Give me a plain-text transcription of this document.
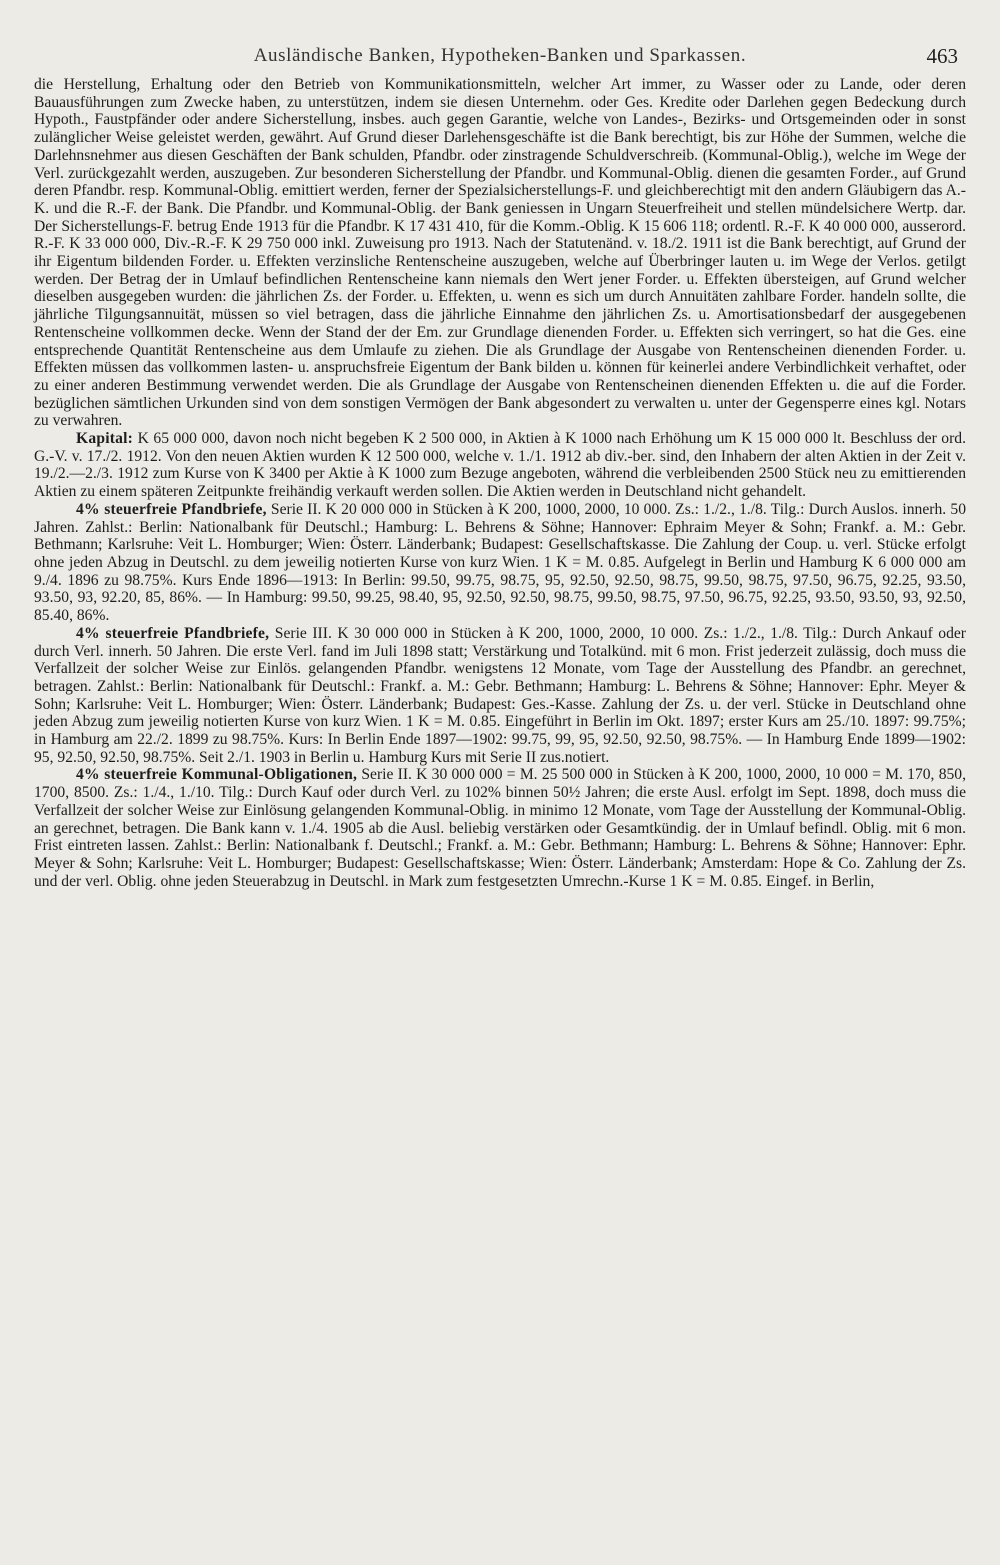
Ausländische Banken, Hypotheken-Banken und Sparkassen.	463

die Herstellung, Erhaltung oder den Betrieb von Kommunikationsmitteln, welcher Art immer, zu Wasser oder zu Lande, oder deren Bauausführungen zum Zwecke haben, zu unterstützen, indem sie diesen Unternehm. oder Ges. Kredite oder Darlehen gegen Bedeckung durch Hypoth., Faustpfänder oder andere Sicherstellung, insbes. auch gegen Garantie, welche von Landes-, Bezirks- und Ortsgemeinden oder in sonst zulänglicher Weise geleistet werden, gewährt. Auf Grund dieser Darlehensgeschäfte ist die Bank berechtigt, bis zur Höhe der Summen, welche die Darlehnsnehmer aus diesen Geschäften der Bank schulden, Pfandbr. oder zinstragende Schuldverschreib. (Kommunal-Oblig.), welche im Wege der Verl. zurückgezahlt werden, auszugeben. Zur besonderen Sicherstellung der Pfandbr. und Kommunal-Oblig. dienen die gesamten Forder., auf Grund deren Pfandbr. resp. Kommunal-Oblig. emittiert werden, ferner der Spezialsicherstellungs-F. und gleichberechtigt mit den andern Gläubigern das A.-K. und die R.-F. der Bank. Die Pfandbr. und Kommunal-Oblig. der Bank geniessen in Ungarn Steuerfreiheit und stellen mündelsichere Wertp. dar. Der Sicherstellungs-F. betrug Ende 1913 für die Pfandbr. K 17 431 410, für die Komm.-Oblig. K 15 606 118; ordentl. R.-F. K 40 000 000, ausserord. R.-F. K 33 000 000, Div.-R.-F. K 29 750 000 inkl. Zuweisung pro 1913. Nach der Statutenänd. v. 18./2. 1911 ist die Bank berechtigt, auf Grund der ihr Eigentum bildenden Forder. u. Effekten verzinsliche Rentenscheine auszugeben, welche auf Überbringer lauten u. im Wege der Verlos. getilgt werden. Der Betrag der in Umlauf befindlichen Rentenscheine kann niemals den Wert jener Forder. u. Effekten übersteigen, auf Grund welcher dieselben ausgegeben wurden: die jährlichen Zs. der Forder. u. Effekten, u. wenn es sich um durch Annuitäten zahlbare Forder. handeln sollte, die jährliche Tilgungsannuität, müssen so viel betragen, dass die jährliche Einnahme den jährlichen Zs. u. Amortisationsbedarf der ausgegebenen Rentenscheine vollkommen decke. Wenn der Stand der der Em. zur Grundlage dienenden Forder. u. Effekten sich verringert, so hat die Ges. eine entsprechende Quantität Rentenscheine aus dem Umlaufe zu ziehen. Die als Grundlage der Ausgabe von Rentenscheinen dienenden Forder. u. Effekten müssen das vollkommen lasten- u. anspruchsfreie Eigentum der Bank bilden u. können für keinerlei andere Verbindlichkeit verhaftet, oder zu einer anderen Bestimmung verwendet werden. Die als Grundlage der Ausgabe von Rentenscheinen dienenden Effekten u. die auf die Forder. bezüglichen sämtlichen Urkunden sind von dem sonstigen Vermögen der Bank abgesondert zu verwalten u. unter der Gegensperre eines kgl. Notars zu verwahren.

Kapital: K 65 000 000, davon noch nicht begeben K 2 500 000, in Aktien à K 1000 nach Erhöhung um K 15 000 000 lt. Beschluss der ord. G.-V. v. 17./2. 1912. Von den neuen Aktien wurden K 12 500 000, welche v. 1./1. 1912 ab div.-ber. sind, den Inhabern der alten Aktien in der Zeit v. 19./2.—2./3. 1912 zum Kurse von K 3400 per Aktie à K 1000 zum Bezuge angeboten, während die verbleibenden 2500 Stück neu zu emittierenden Aktien zu einem späteren Zeitpunkte freihändig verkauft werden sollen. Die Aktien werden in Deutschland nicht gehandelt.

4% steuerfreie Pfandbriefe, Serie II. K 20 000 000 in Stücken à K 200, 1000, 2000, 10 000. Zs.: 1./2., 1./8. Tilg.: Durch Auslos. innerh. 50 Jahren. Zahlst.: Berlin: Nationalbank für Deutschl.; Hamburg: L. Behrens & Söhne; Hannover: Ephraim Meyer & Sohn; Frankf. a. M.: Gebr. Bethmann; Karlsruhe: Veit L. Homburger; Wien: Österr. Länderbank; Budapest: Gesellschaftskasse. Die Zahlung der Coup. u. verl. Stücke erfolgt ohne jeden Abzug in Deutschl. zu dem jeweilig notierten Kurse von kurz Wien. 1 K = M. 0.85. Aufgelegt in Berlin und Hamburg K 6 000 000 am 9./4. 1896 zu 98.75%. Kurs Ende 1896—1913: In Berlin: 99.50, 99.75, 98.75, 95, 92.50, 92.50, 98.75, 99.50, 98.75, 97.50, 96.75, 92.25, 93.50, 93.50, 93, 92.20, 85, 86%. — In Hamburg: 99.50, 99.25, 98.40, 95, 92.50, 92.50, 98.75, 99.50, 98.75, 97.50, 96.75, 92.25, 93.50, 93.50, 93, 92.50, 85.40, 86%.

4% steuerfreie Pfandbriefe, Serie III. K 30 000 000 in Stücken à K 200, 1000, 2000, 10 000. Zs.: 1./2., 1./8. Tilg.: Durch Ankauf oder durch Verl. innerh. 50 Jahren. Die erste Verl. fand im Juli 1898 statt; Verstärkung und Totalkünd. mit 6 mon. Frist jederzeit zulässig, doch muss die Verfallzeit der solcher Weise zur Einlös. gelangenden Pfandbr. wenigstens 12 Monate, vom Tage der Ausstellung des Pfandbr. an gerechnet, betragen. Zahlst.: Berlin: Nationalbank für Deutschl.: Frankf. a. M.: Gebr. Bethmann; Hamburg: L. Behrens & Söhne; Hannover: Ephr. Meyer & Sohn; Karlsruhe: Veit L. Homburger; Wien: Österr. Länderbank; Budapest: Ges.-Kasse. Zahlung der Zs. u. der verl. Stücke in Deutschland ohne jeden Abzug zum jeweilig notierten Kurse von kurz Wien. 1 K = M. 0.85. Eingeführt in Berlin im Okt. 1897; erster Kurs am 25./10. 1897: 99.75%; in Hamburg am 22./2. 1899 zu 98.75%. Kurs: In Berlin Ende 1897—1902: 99.75, 99, 95, 92.50, 92.50, 98.75%. — In Hamburg Ende 1899—1902: 95, 92.50, 92.50, 98.75%. Seit 2./1. 1903 in Berlin u. Hamburg Kurs mit Serie II zus.notiert.

4% steuerfreie Kommunal-Obligationen, Serie II. K 30 000 000 = M. 25 500 000 in Stücken à K 200, 1000, 2000, 10 000 = M. 170, 850, 1700, 8500. Zs.: 1./4., 1./10. Tilg.: Durch Kauf oder durch Verl. zu 102% binnen 50½ Jahren; die erste Ausl. erfolgt im Sept. 1898, doch muss die Verfallzeit der solcher Weise zur Einlösung gelangenden Kommunal-Oblig. in minimo 12 Monate, vom Tage der Ausstellung der Kommunal-Oblig. an gerechnet, betragen. Die Bank kann v. 1./4. 1905 ab die Ausl. beliebig verstärken oder Gesamtkündig. der in Umlauf befindl. Oblig. mit 6 mon. Frist eintreten lassen. Zahlst.: Berlin: Nationalbank f. Deutschl.; Frankf. a. M.: Gebr. Bethmann; Hamburg: L. Behrens & Söhne; Hannover: Ephr. Meyer & Sohn; Karlsruhe: Veit L. Homburger; Budapest: Gesellschaftskasse; Wien: Österr. Länderbank; Amsterdam: Hope & Co. Zahlung der Zs. und der verl. Oblig. ohne jeden Steuerabzug in Deutschl. in Mark zum festgesetzten Umrechn.-Kurse 1 K = M. 0.85. Eingef. in Berlin,
